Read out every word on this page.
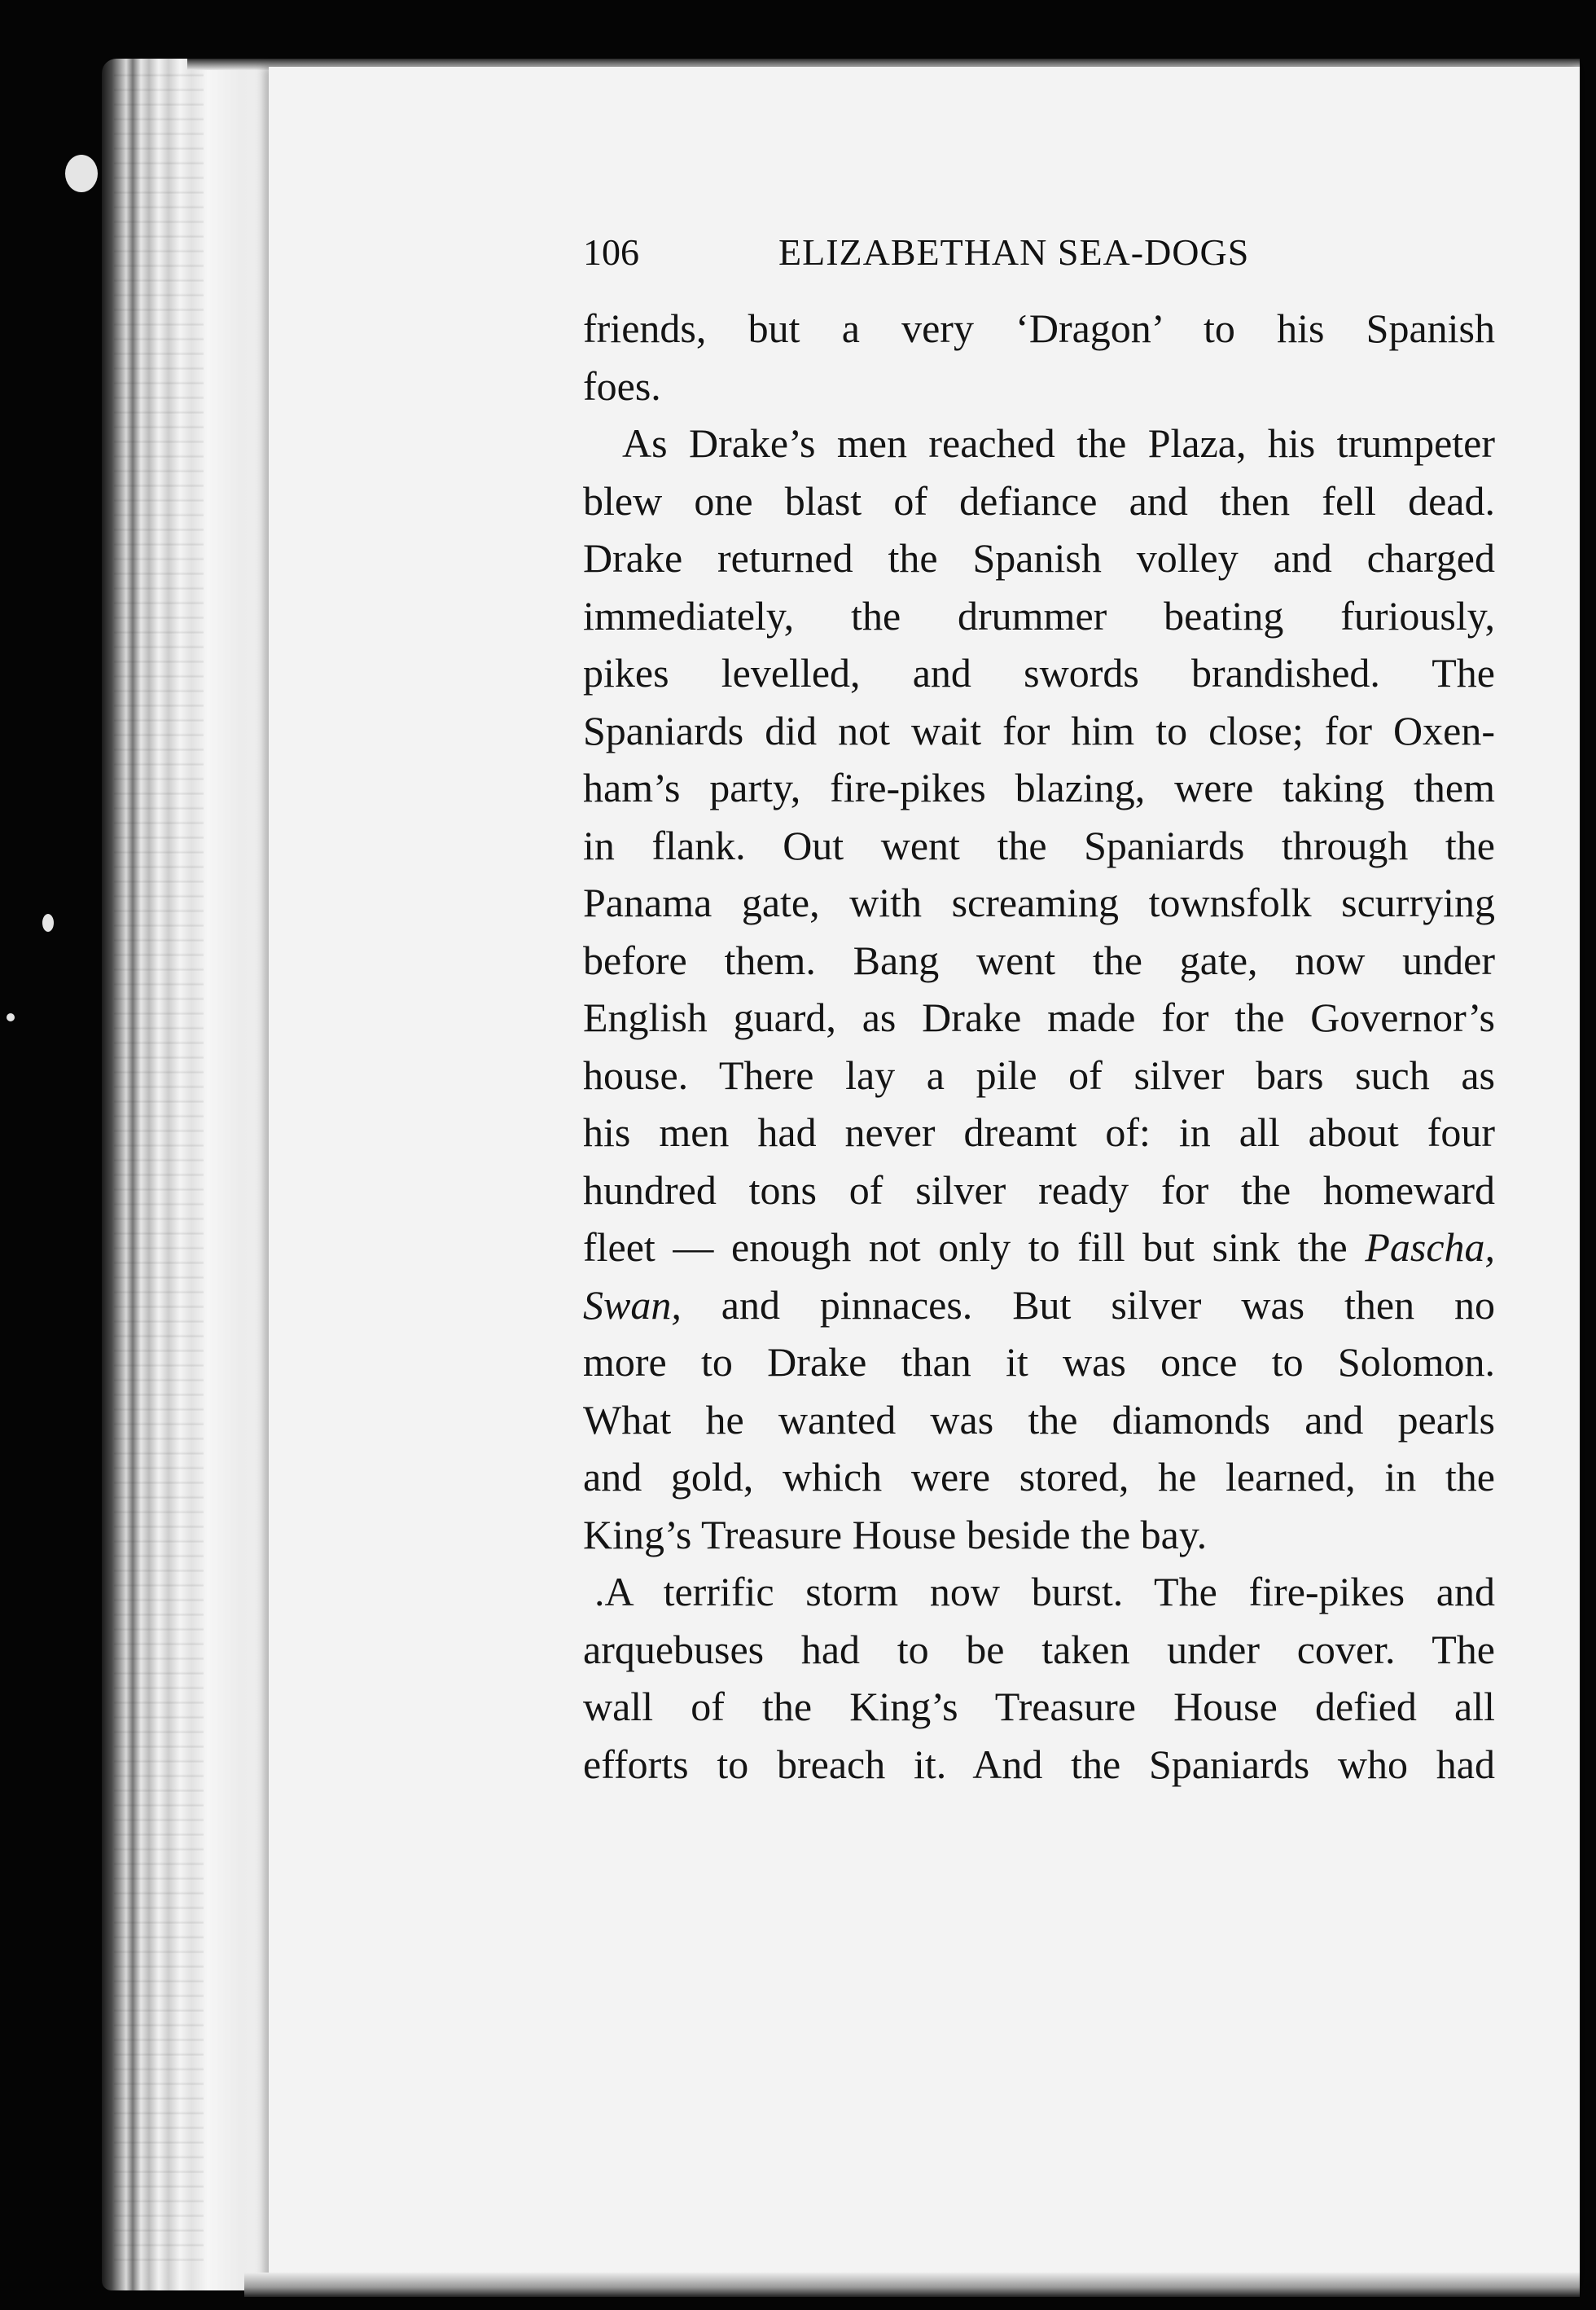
106	ELIZABETHAN SEA-DOGS
friends, but a very ‘Dragon’ to his Spanish
foes.
As Drake’s men reached the Plaza, his trumpeter
blew one blast of defiance and then fell dead.
Drake returned the Spanish volley and charged
immediately, the drummer beating furiously,
pikes levelled, and swords brandished. The
Spaniards did not wait for him to close; for Oxen-
ham’s party, fire-pikes blazing, were taking them
in flank. Out went the Spaniards through the
Panama gate, with screaming townsfolk scurrying
before them. Bang went the gate, now under
English guard, as Drake made for the Governor’s
house. There lay a pile of silver bars such as
his men had never dreamt of: in all about four
hundred tons of silver ready for the homeward
fleet — enough not only to fill but sink the Pascha,
Swan, and pinnaces. But silver was then no
more to Drake than it was once to Solomon.
What he wanted was the diamonds and pearls
and gold, which were stored, he learned, in the
King’s Treasure House beside the bay.
.A terrific storm now burst. The fire-pikes and
arquebuses had to be taken under cover. The
wall of the King’s Treasure House defied all
efforts to breach it. And the Spaniards who had
